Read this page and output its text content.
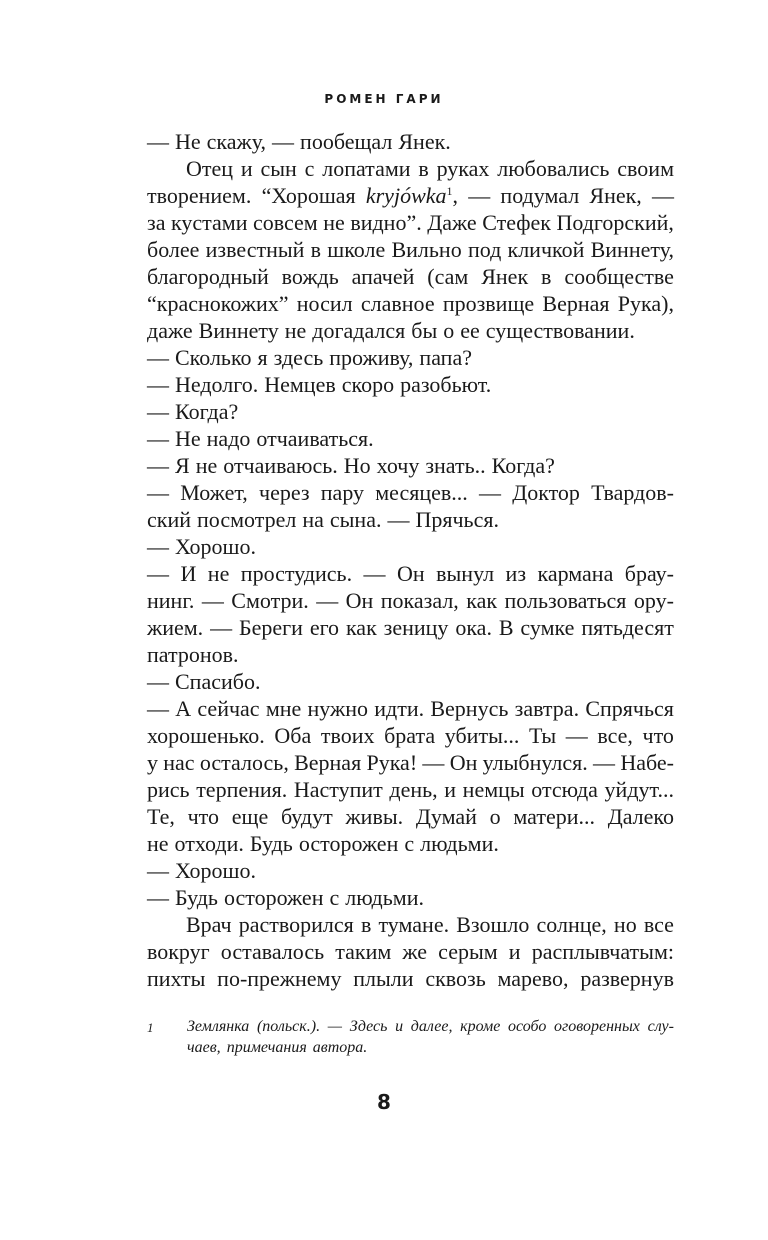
РОМЕН ГАРИ
— Не скажу, — пообещал Янек.
Отец и сын с лопатами в руках любовались своим
творением. “Хорошая kryjówka$^1$, — подумал Янек, —
за кустами совсем не видно”. Даже Стефек Подгорский,
более известный в школе Вильно под кличкой Виннету,
благородный вождь апачей (сам Янек в сообществе
“краснокожих” носил славное прозвище Верная Рука),
даже Виннету не догадался бы о ее существовании.
— Сколько я здесь проживу, папа?
— Недолго. Немцев скоро разобьют.
— Когда?
— Не надо отчаиваться.
— Я не отчаиваюсь. Но хочу знать.. Когда?
— Может, через пару месяцев... — Доктор Твардов-
ский посмотрел на сына. — Прячься.
— Хорошо.
— И не простудись. — Он вынул из кармана брау-
нинг. — Смотри. — Он показал, как пользоваться ору-
жием. — Береги его как зеницу ока. В сумке пятьдесят
патронов.
— Спасибо.
— А сейчас мне нужно идти. Вернусь завтра. Спрячься
хорошенько. Оба твоих брата убиты... Ты — все, что
у нас осталось, Верная Рука! — Он улыбнулся. — Набе-
рись терпения. Наступит день, и немцы отсюда уйдут...
Те, что еще будут живы. Думай о матери... Далеко
не отходи. Будь осторожен с людьми.
— Хорошо.
— Будь осторожен с людьми.
Врач растворился в тумане. Взошло солнце, но все
вокруг оставалось таким же серым и расплывчатым:
пихты по-прежнему плыли сквозь марево, развернув
1 Землянка (польск.). — Здесь и далее, кроме особо оговоренных слу-
чаев, примечания автора.
8
